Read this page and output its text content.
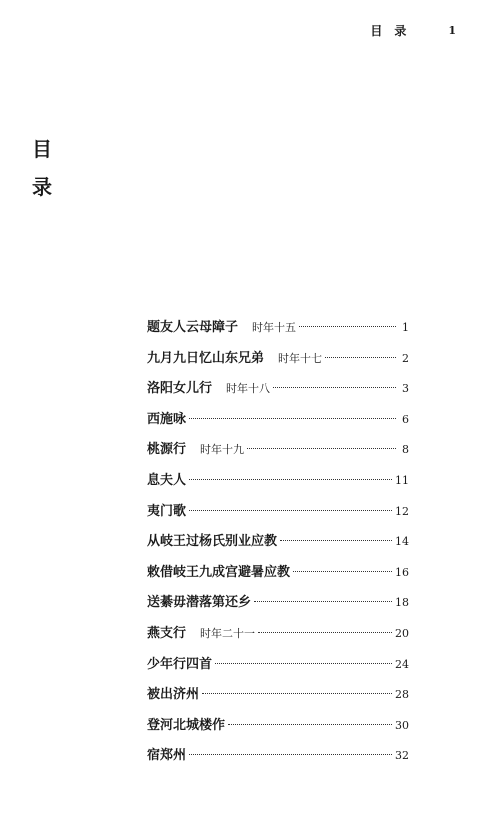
目录	1
目
录
题友人云母障子 时年十五	1
九月九日忆山东兄弟 时年十七	2
洛阳女儿行 时年十八	3
西施咏	6
桃源行 时年十九	8
息夫人	11
夷门歌	12
从岐王过杨氏别业应教	14
敕借岐王九成宫避暑应教	16
送綦毋潜落第还乡	18
燕支行 时年二十一	20
少年行四首	24
被出济州	28
登河北城楼作	30
宿郑州	32
